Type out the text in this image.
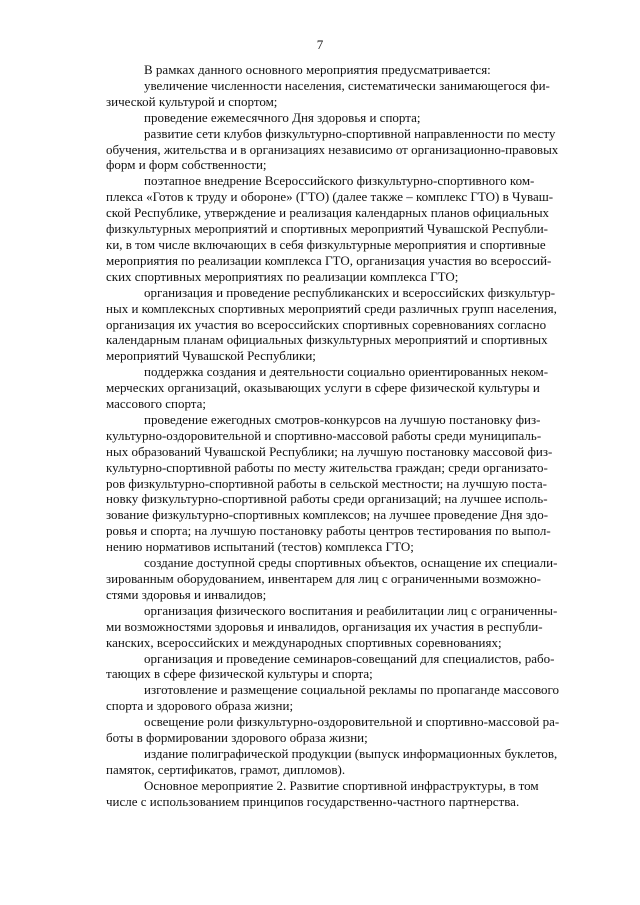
7

В рамках данного основного мероприятия предусматривается:

увеличение численности населения, систематически занимающегося фи-
зической культурой и спортом;

проведение ежемесячного Дня здоровья и спорта;

развитие сети клубов физкультурно-спортивной направленности по месту
обучения, жительства и в организациях независимо от организационно-правовых
форм и форм собственности;

поэтапное внедрение Всероссийского физкультурно-спортивного ком-
плекса «Готов к труду и обороне» (ГТО) (далее также – комплекс ГТО) в Чуваш-
ской Республике, утверждение и реализация календарных планов официальных
физкультурных мероприятий и спортивных мероприятий Чувашской Республи-
ки, в том числе включающих в себя физкультурные мероприятия и спортивные
мероприятия по реализации комплекса ГТО, организация участия во всероссий-
ских спортивных мероприятиях по реализации комплекса ГТО;

организация и проведение республиканских и всероссийских физкультур-
ных и комплексных спортивных мероприятий среди различных групп населения,
организация их участия во всероссийских спортивных соревнованиях согласно
календарным планам официальных физкультурных мероприятий и спортивных
мероприятий Чувашской Республики;

поддержка создания и деятельности социально ориентированных неком-
мерческих организаций, оказывающих услуги в сфере физической культуры и
массового спорта;

проведение ежегодных смотров-конкурсов на лучшую постановку физ-
культурно-оздоровительной и спортивно-массовой работы среди муниципаль-
ных образований Чувашской Республики; на лучшую постановку массовой физ-
культурно-спортивной работы по месту жительства граждан; среди организато-
ров физкультурно-спортивной работы в сельской местности; на лучшую поста-
новку физкультурно-спортивной работы среди организаций; на лучшее исполь-
зование физкультурно-спортивных комплексов; на лучшее проведение Дня здо-
ровья и спорта; на лучшую постановку работы центров тестирования по выпол-
нению нормативов испытаний (тестов) комплекса ГТО;

создание доступной среды спортивных объектов, оснащение их специали-
зированным оборудованием, инвентарем для лиц с ограниченными возможно-
стями здоровья и инвалидов;

организация физического воспитания и реабилитации лиц с ограниченны-
ми возможностями здоровья и инвалидов, организация их участия в республи-
канских, всероссийских и международных спортивных соревнованиях;

организация и проведение семинаров-совещаний для специалистов, рабо-
тающих в сфере физической культуры и спорта;

изготовление и размещение социальной рекламы по пропаганде массового
спорта и здорового образа жизни;

освещение роли физкультурно-оздоровительной и спортивно-массовой ра-
боты в формировании здорового образа жизни;

издание полиграфической продукции (выпуск информационных буклетов,
памяток, сертификатов, грамот, дипломов).

Основное мероприятие 2. Развитие спортивной инфраструктуры, в том
числе с использованием принципов государственно-частного партнерства.
